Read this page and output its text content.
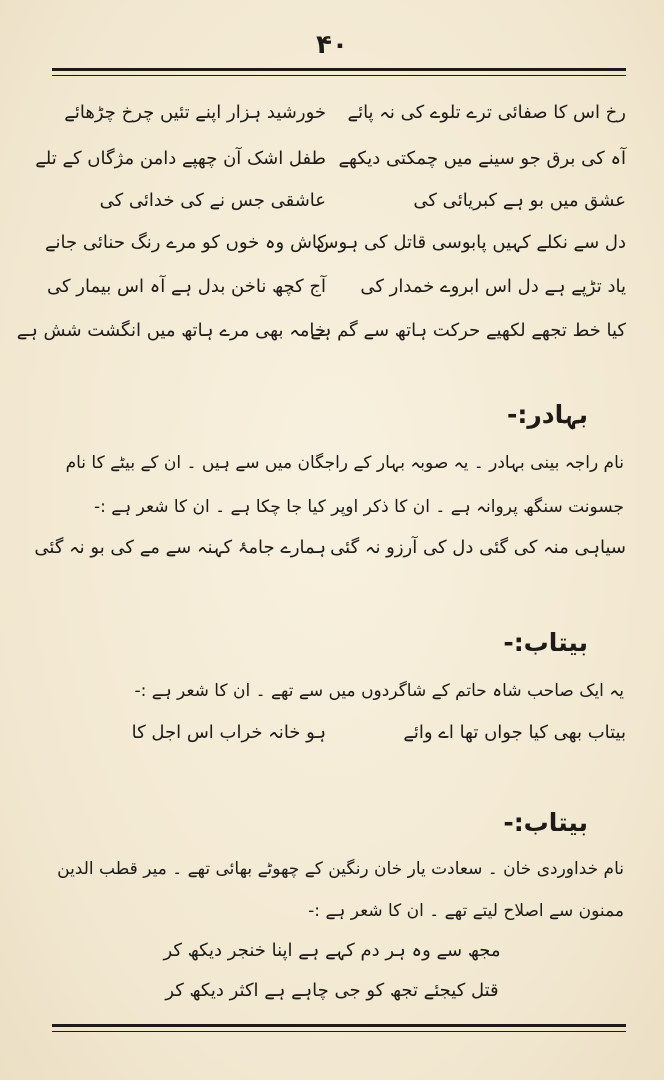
۴۰
رخ اس کا صفائی ترے تلوے کی نہ پائے
خورشید ہزار اپنے تئیں چرخ چڑھائے
آہ کی برق جو سینے میں چمکتی دیکھے
طفل اشک آن چھپے دامن مژگاں کے تلے
عشق میں بو ہے کبریائی کی
عاشقی جس نے کی خدائی کی
دل سے نکلے کہیں پابوسی قاتل کی ہوس
کاش وہ خوں کو مرے رنگ حنائی جانے
یاد تڑپے ہے دل اس ابروے خمدار کی
آج کچھ ناخن بدل ہے آہ اس بیمار کی
کیا خط تجھے لکھیے حرکت ہاتھ سے گم ہے
خامہ بھی مرے ہاتھ میں انگشت شش ہے
بہادر:-
نام راجہ بینی بہادر ۔ یہ صوبہ بہار کے راجگان میں سے ہیں ۔ ان کے بیٹے کا نام
جسونت سنگھ پروانہ ہے ۔ ان کا ذکر اوپر کیا جا چکا ہے ۔ ان کا شعر ہے :-
سیاہی منہ کی گئی دل کی آرزو نہ گئی
ہمارے جامۂ کہنہ سے مے کی بو نہ گئی
بیتاب:-
یہ ایک صاحب شاہ حاتم کے شاگردوں میں سے تھے ۔ ان کا شعر ہے :-
بیتاب بھی کیا جواں تھا اے وائے
ہو خانہ خراب اس اجل کا
بیتاب:-
نام خداوردی خان ۔ سعادت یار خان رنگین کے چھوٹے بھائی تھے ۔ میر قطب الدین
ممنون سے اصلاح لیتے تھے ۔ ان کا شعر ہے :-
مجھ سے وہ ہر دم کہے ہے اپنا خنجر دیکھ کر
قتل کیجئے تجھ کو جی چاہے ہے اکثر دیکھ کر
